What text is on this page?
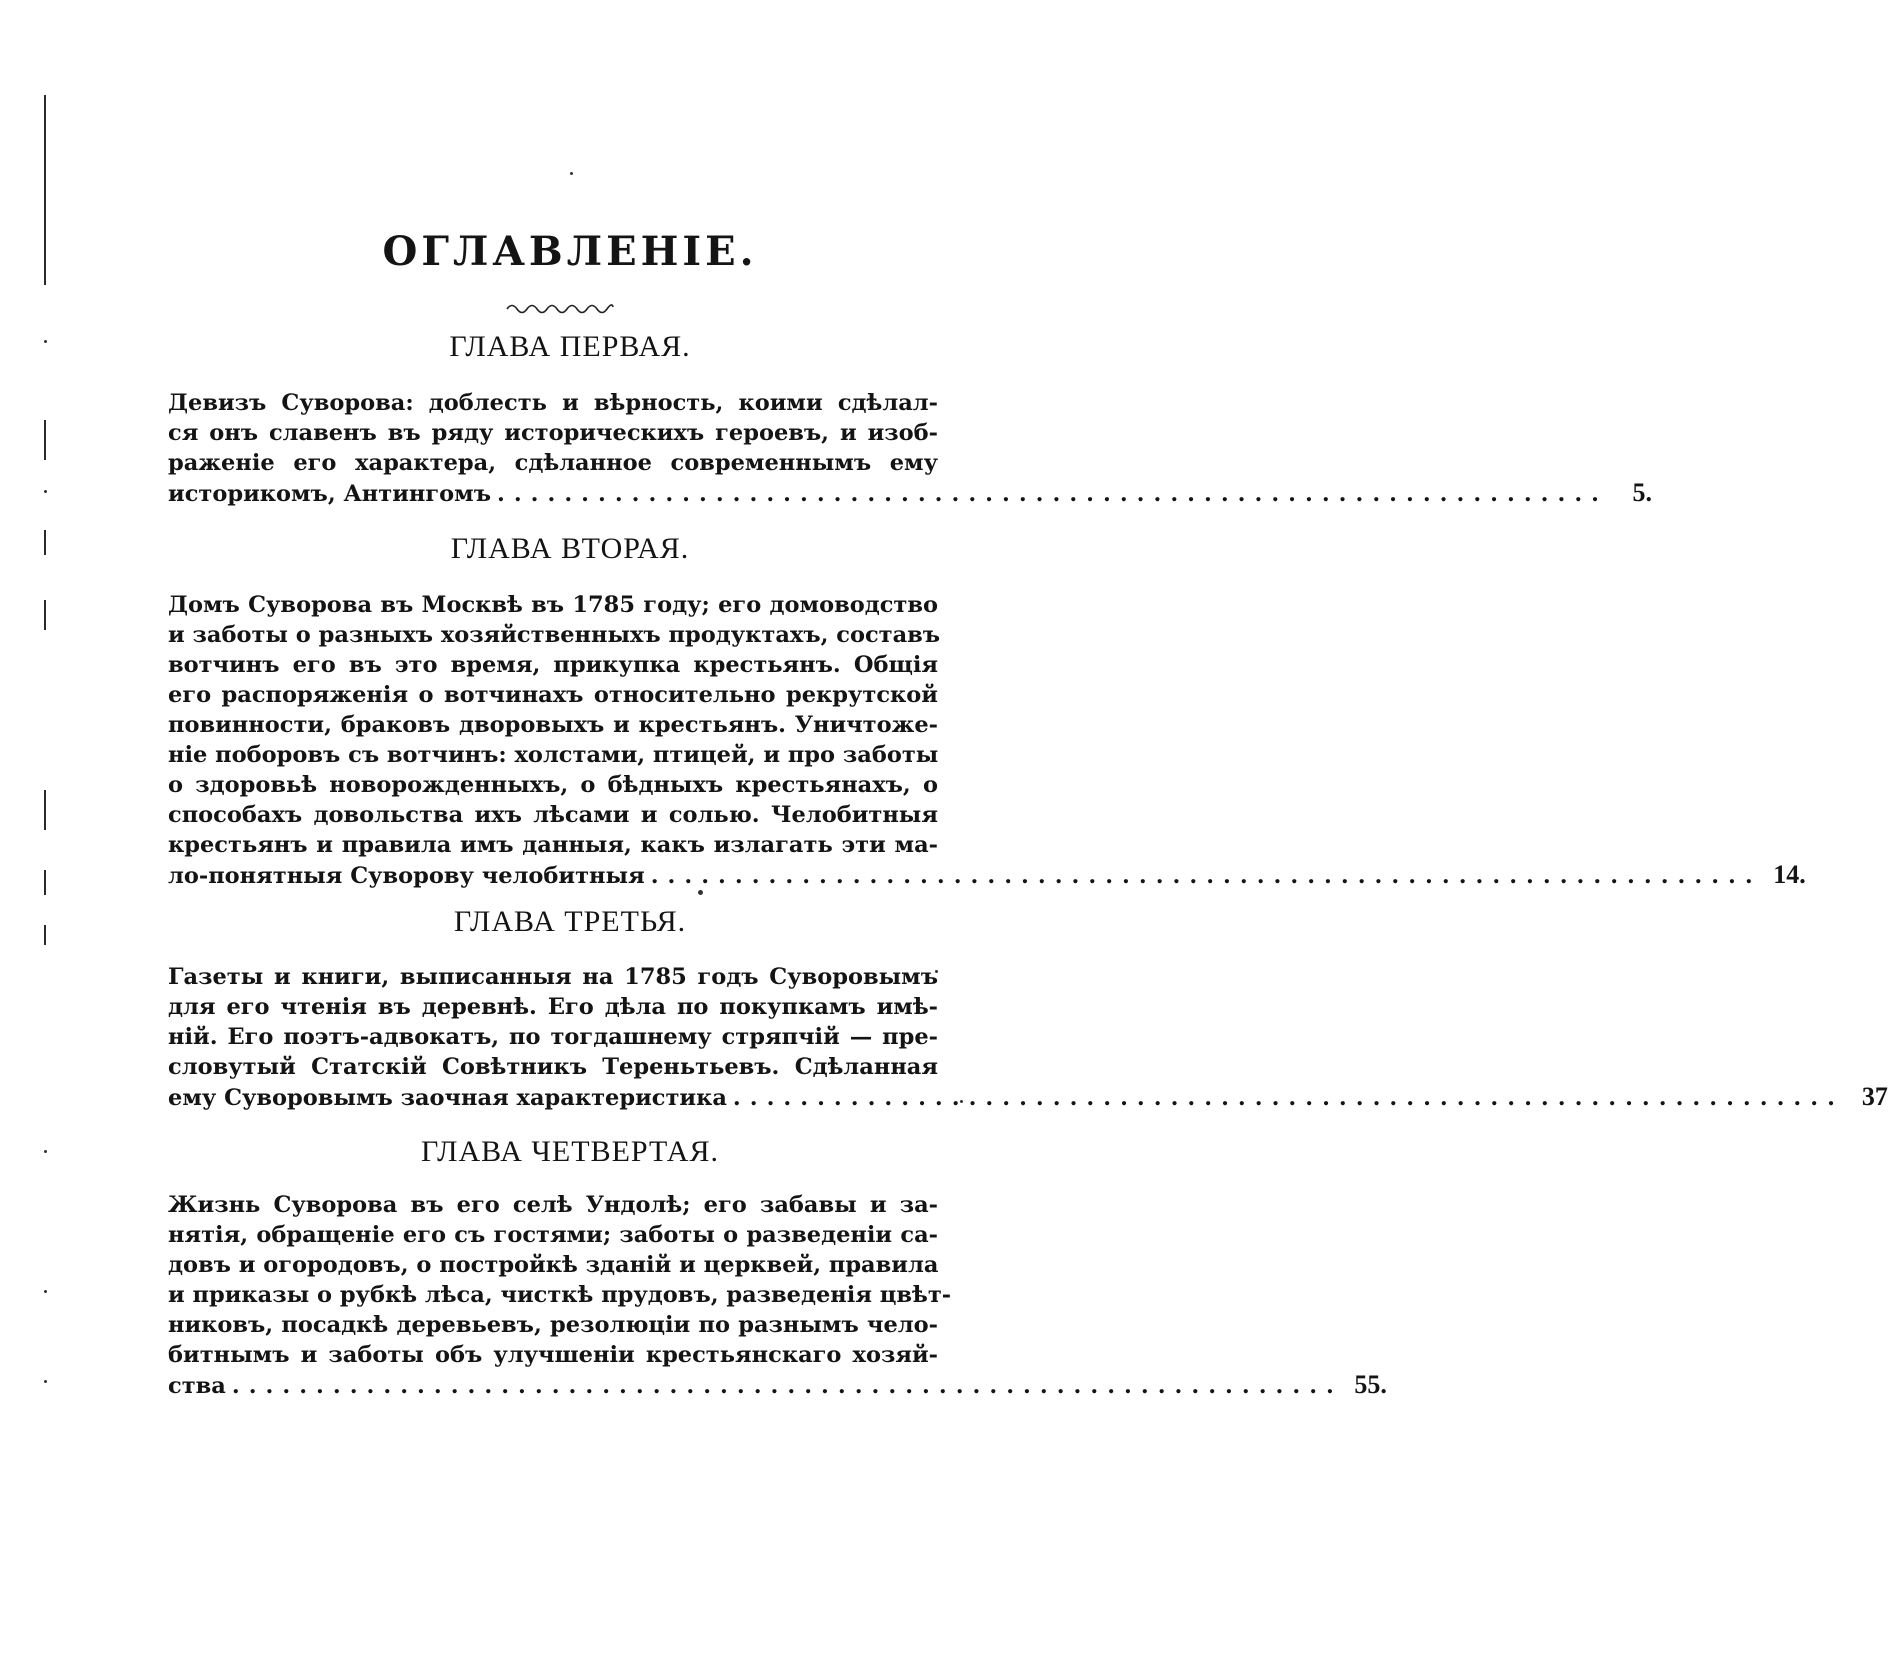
ОГЛАВЛЕНІЕ.
ГЛАВА ПЕРВАЯ.
Девизъ Суворова: доблесть и вѣрность, коими сдѣлал-
ся онъ славенъ въ ряду историческихъ героевъ, и изоб-
раженіе его характера, сдѣланное современнымъ ему
историкомъ, Антингомъ .................................................................. 5.
ГЛАВА ВТОРАЯ.
Домъ Суворова въ Москвѣ въ 1785 году; его домоводство
и заботы о разныхъ хозяйственныхъ продуктахъ, составъ
вотчинъ его въ это время, прикупка крестьянъ. Общія
его распоряженія о вотчинахъ относительно рекрутской
повинности, браковъ дворовыхъ и крестьянъ. Уничтоже-
ніе поборовъ съ вотчинъ: холстами, птицей, и про заботы
о здоровьѣ новорожденныхъ, о бѣдныхъ крестьянахъ, о
способахъ довольства ихъ лѣсами и солью. Челобитныя
крестьянъ и правила имъ данныя, какъ излагать эти ма-
ло-понятныя Суворову челобитныя .................................................................. 14.
ГЛАВА ТРЕТЬЯ.
Газеты и книги, выписанныя на 1785 годъ Суворовымъ
для его чтенія въ деревнѣ. Его дѣла по покупкамъ имѣ-
ній. Его поэтъ-адвокатъ, по тогдашнему стряпчій — пре-
словутый Статскій Совѣтникъ Тереньтьевъ. Сдѣланная
ему Суворовымъ заочная характеристика .................................................................. 37
ГЛАВА ЧЕТВЕРТАЯ.
Жизнь Суворова въ его селѣ Ундолѣ; его забавы и за-
нятія, обращеніе его съ гостями; заботы о разведеніи са-
довъ и огородовъ, о постройкѣ зданій и церквей, правила
и приказы о рубкѣ лѣса, чисткѣ прудовъ, разведенія цвѣт-
никовъ, посадкѣ деревьевъ, резолюціи по разнымъ чело-
битнымъ и заботы объ улучшеніи крестьянскаго хозяй-
ства .................................................................. 55.
